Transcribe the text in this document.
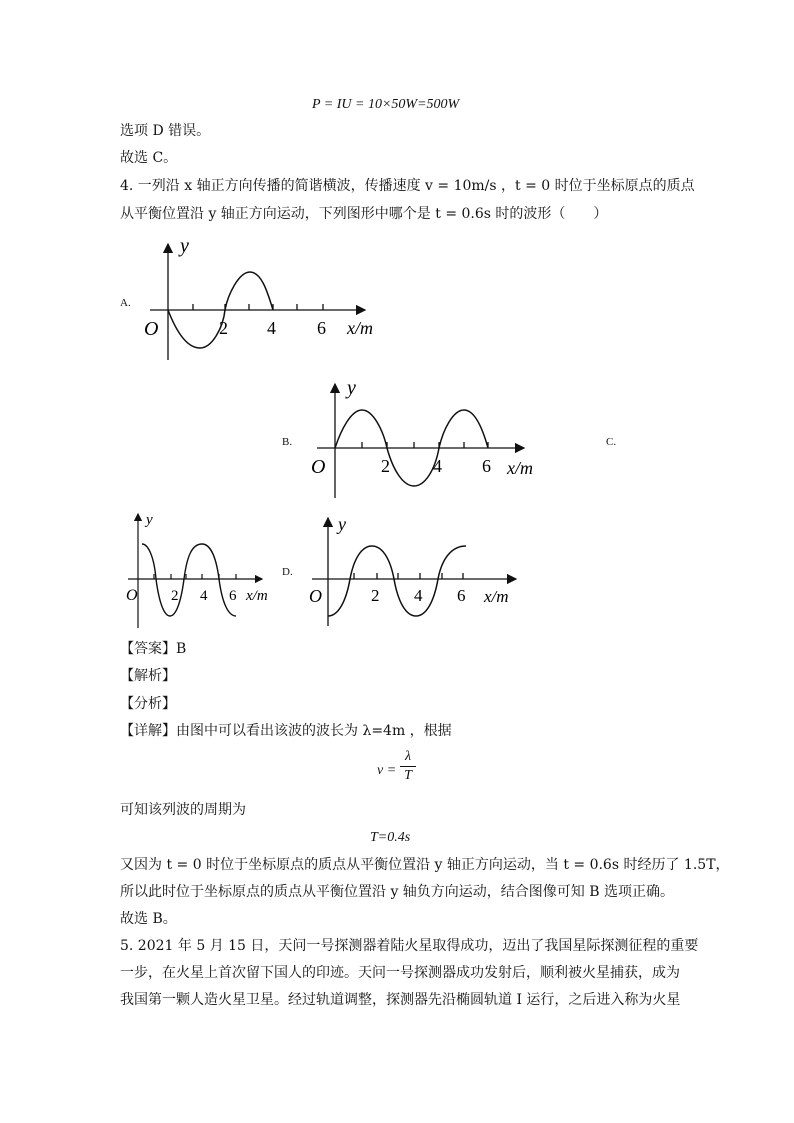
P = IU = 10×50W=500W
选项 D 错误。
故选 C。
4. 一列沿 x 轴正方向传播的简谐横波，传播速度 v = 10m/s ，t = 0 时位于坐标原点的质点
从平衡位置沿 y 轴正方向运动，下列图形中哪个是 t = 0.6s 时的波形（　　）
A.
y
O	2 4 6 x/m
B.
y
O	2 4 6 x/m
C.
y
O 2 4 6 x/m
D.
y
O	2 4 6 x/m
【答案】B
【解析】
【分析】
【详解】由图中可以看出该波的波长为 λ=4m ，根据
v =
λ
T
可知该列波的周期为
T=0.4s
又因为 t = 0 时位于坐标原点的质点从平衡位置沿 y 轴正方向运动，当 t = 0.6s 时经历了 1.5T，
所以此时位于坐标原点的质点从平衡位置沿 y 轴负方向运动，结合图像可知 B 选项正确。
故选 B。
5. 2021 年 5 月 15 日，天问一号探测器着陆火星取得成功，迈出了我国星际探测征程的重要
一步，在火星上首次留下国人的印迹。天问一号探测器成功发射后，顺利被火星捕获，成为
我国第一颗人造火星卫星。经过轨道调整，探测器先沿椭圆轨道 I 运行，之后进入称为火星
